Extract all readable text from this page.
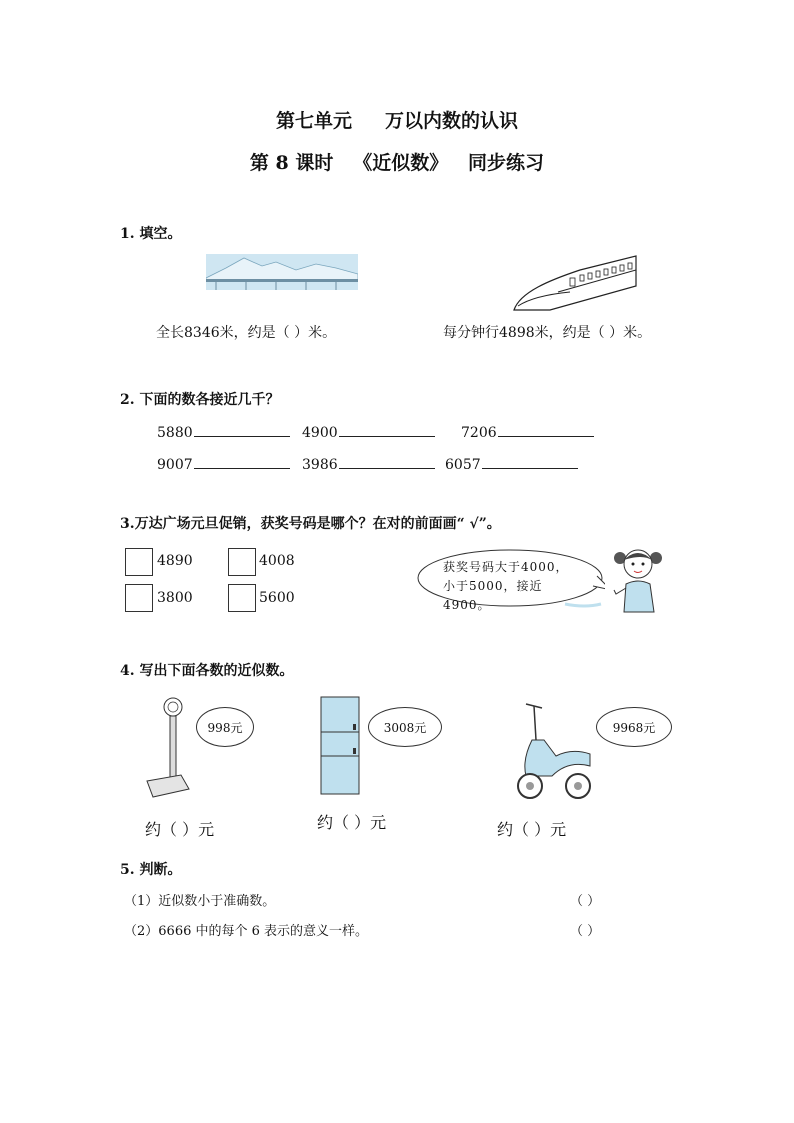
第七单元     万以内数的认识
第 8 课时   《近似数》   同步练习
1. 填空。
全长8346米，约是（ ）米。	每分钟行4898米，约是（ ）米。
2. 下面的数各接近几千？
5880	4900	7206
9007	3986	6057
3.万达广场元旦促销，获奖号码是哪个？在对的前面画“ √”。
4890	4008
3800	5600
获奖号码大于4000，小于5000，接近4900。
4. 写出下面各数的近似数。
998元
约（ ）元
3008元
约（ ）元
9968元
约（ ）元
5. 判断。
（1）近似数小于准确数。	（ ）
（2）6666 中的每个 6 表示的意义一样。	（ ）
